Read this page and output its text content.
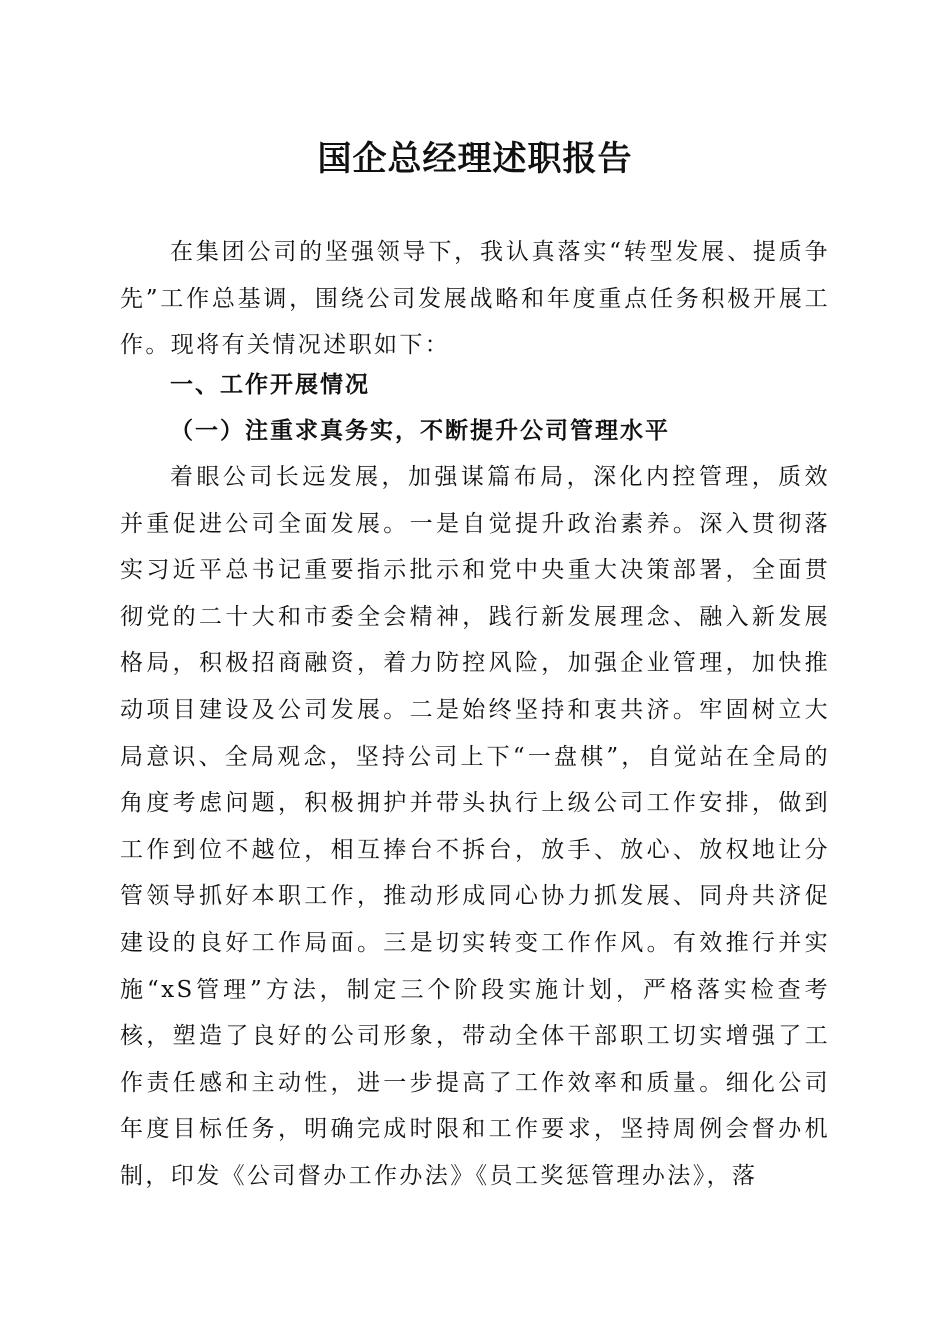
国企总经理述职报告

在集团公司的坚强领导下，我认真落实“转型发展、提质争先”工作总基调，围绕公司发展战略和年度重点任务积极开展工作。现将有关情况述职如下：

一、工作开展情况
（一）注重求真务实，不断提升公司管理水平

着眼公司长远发展，加强谋篇布局，深化内控管理，质效并重促进公司全面发展。一是自觉提升政治素养。深入贯彻落实习近平总书记重要指示批示和党中央重大决策部署，全面贯彻党的二十大和市委全会精神，践行新发展理念、融入新发展格局，积极招商融资，着力防控风险，加强企业管理，加快推动项目建设及公司发展。二是始终坚持和衷共济。牢固树立大局意识、全局观念，坚持公司上下“一盘棋”，自觉站在全局的角度考虑问题，积极拥护并带头执行上级公司工作安排，做到工作到位不越位，相互捧台不拆台，放手、放心、放权地让分管领导抓好本职工作，推动形成同心协力抓发展、同舟共济促建设的良好工作局面。三是切实转变工作作风。有效推行并实施“xS管理”方法，制定三个阶段实施计划，严格落实检查考核，塑造了良好的公司形象，带动全体干部职工切实增强了工作责任感和主动性，进一步提高了工作效率和质量。细化公司年度目标任务，明确完成时限和工作要求，坚持周例会督办机制，印发《公司督办工作办法》《员工奖惩管理办法》，落
